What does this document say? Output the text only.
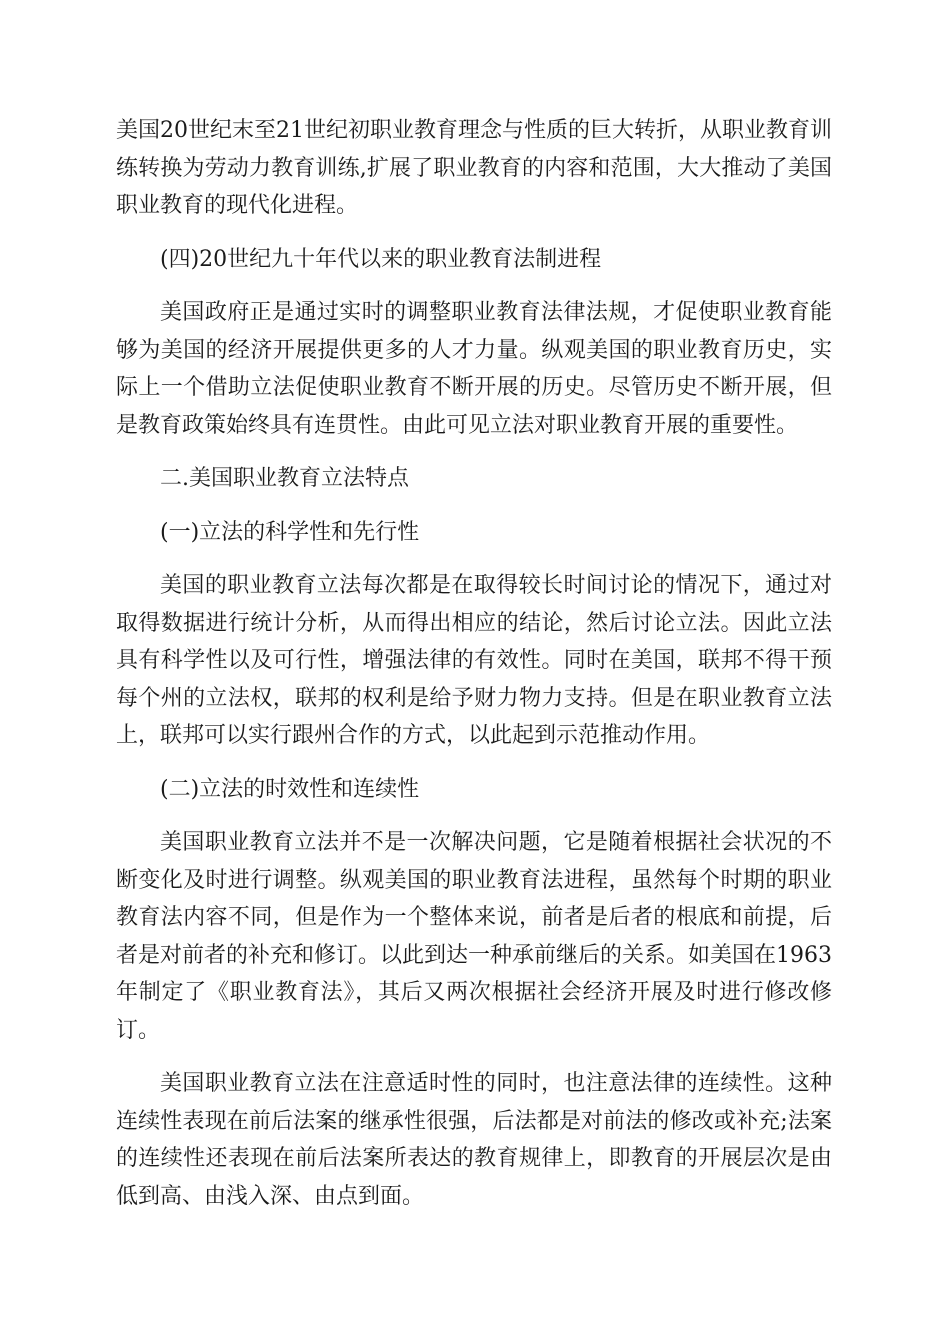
美国20世纪末至21世纪初职业教育理念与性质的巨大转折，从职业教育训练转换为劳动力教育训练,扩展了职业教育的内容和范围，大大推动了美国职业教育的现代化进程。

(四)20世纪九十年代以来的职业教育法制进程

美国政府正是通过实时的调整职业教育法律法规，才促使职业教育能够为美国的经济开展提供更多的人才力量。纵观美国的职业教育历史，实际上一个借助立法促使职业教育不断开展的历史。尽管历史不断开展，但是教育政策始终具有连贯性。由此可见立法对职业教育开展的重要性。

二.美国职业教育立法特点

(一)立法的科学性和先行性

美国的职业教育立法每次都是在取得较长时间讨论的情况下，通过对取得数据进行统计分析，从而得出相应的结论，然后讨论立法。因此立法具有科学性以及可行性，增强法律的有效性。同时在美国，联邦不得干预每个州的立法权，联邦的权利是给予财力物力支持。但是在职业教育立法上，联邦可以实行跟州合作的方式，以此起到示范推动作用。

(二)立法的时效性和连续性

美国职业教育立法并不是一次解决问题，它是随着根据社会状况的不断变化及时进行调整。纵观美国的职业教育法进程，虽然每个时期的职业教育法内容不同，但是作为一个整体来说，前者是后者的根底和前提，后者是对前者的补充和修订。以此到达一种承前继后的关系。如美国在1963年制定了《职业教育法》，其后又两次根据社会经济开展及时进行修改修订。

美国职业教育立法在注意适时性的同时，也注意法律的连续性。这种连续性表现在前后法案的继承性很强，后法都是对前法的修改或补充;法案的连续性还表现在前后法案所表达的教育规律上，即教育的开展层次是由低到高、由浅入深、由点到面。
